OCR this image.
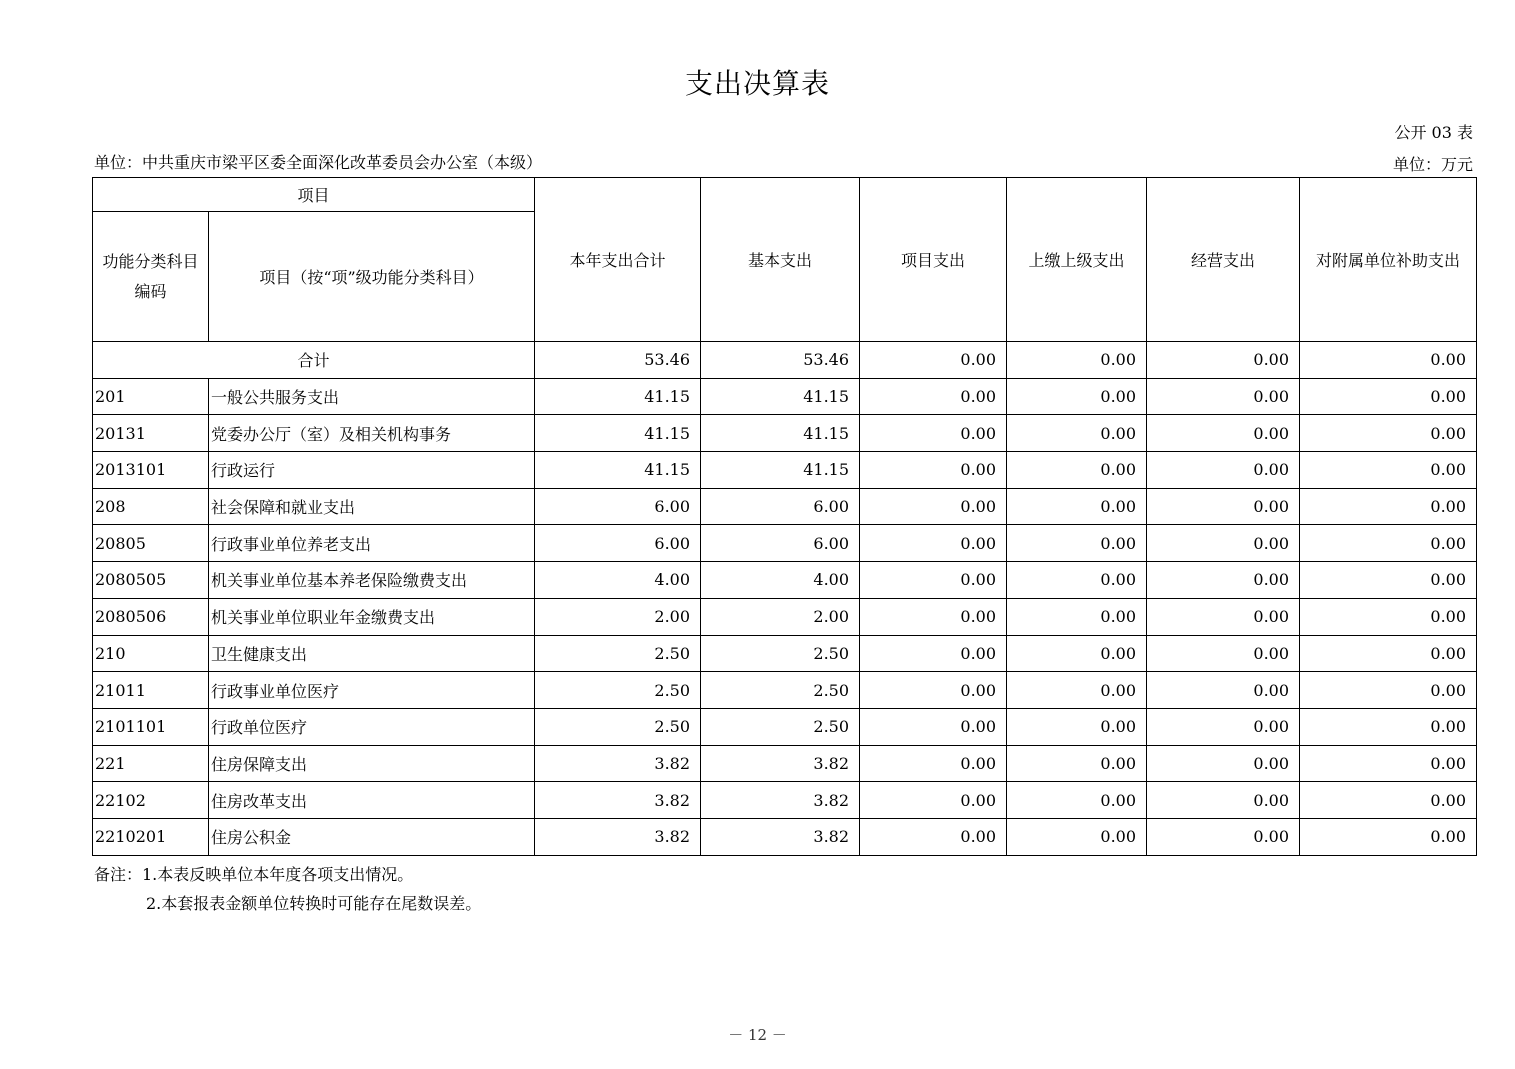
支出决算表
公开 03 表
单位：中共重庆市梁平区委全面深化改革委员会办公室（本级）	单位：万元
项目		本年支出合计	基本支出	项目支出	上缴上级支出	经营支出	对附属单位补助支出
功能分类科目编码	项目（按“项”级功能分类科目）						
合计		53.46	53.46	0.00	0.00	0.00	0.00
201	一般公共服务支出	41.15	41.15	0.00	0.00	0.00	0.00
20131	党委办公厅（室）及相关机构事务	41.15	41.15	0.00	0.00	0.00	0.00
2013101	行政运行	41.15	41.15	0.00	0.00	0.00	0.00
208	社会保障和就业支出	6.00	6.00	0.00	0.00	0.00	0.00
20805	行政事业单位养老支出	6.00	6.00	0.00	0.00	0.00	0.00
2080505	机关事业单位基本养老保险缴费支出	4.00	4.00	0.00	0.00	0.00	0.00
2080506	机关事业单位职业年金缴费支出	2.00	2.00	0.00	0.00	0.00	0.00
210	卫生健康支出	2.50	2.50	0.00	0.00	0.00	0.00
21011	行政事业单位医疗	2.50	2.50	0.00	0.00	0.00	0.00
2101101	行政单位医疗	2.50	2.50	0.00	0.00	0.00	0.00
221	住房保障支出	3.82	3.82	0.00	0.00	0.00	0.00
22102	住房改革支出	3.82	3.82	0.00	0.00	0.00	0.00
2210201	住房公积金	3.82	3.82	0.00	0.00	0.00	0.00
备注：1.本表反映单位本年度各项支出情况。
2.本套报表金额单位转换时可能存在尾数误差。
－ 12 －
